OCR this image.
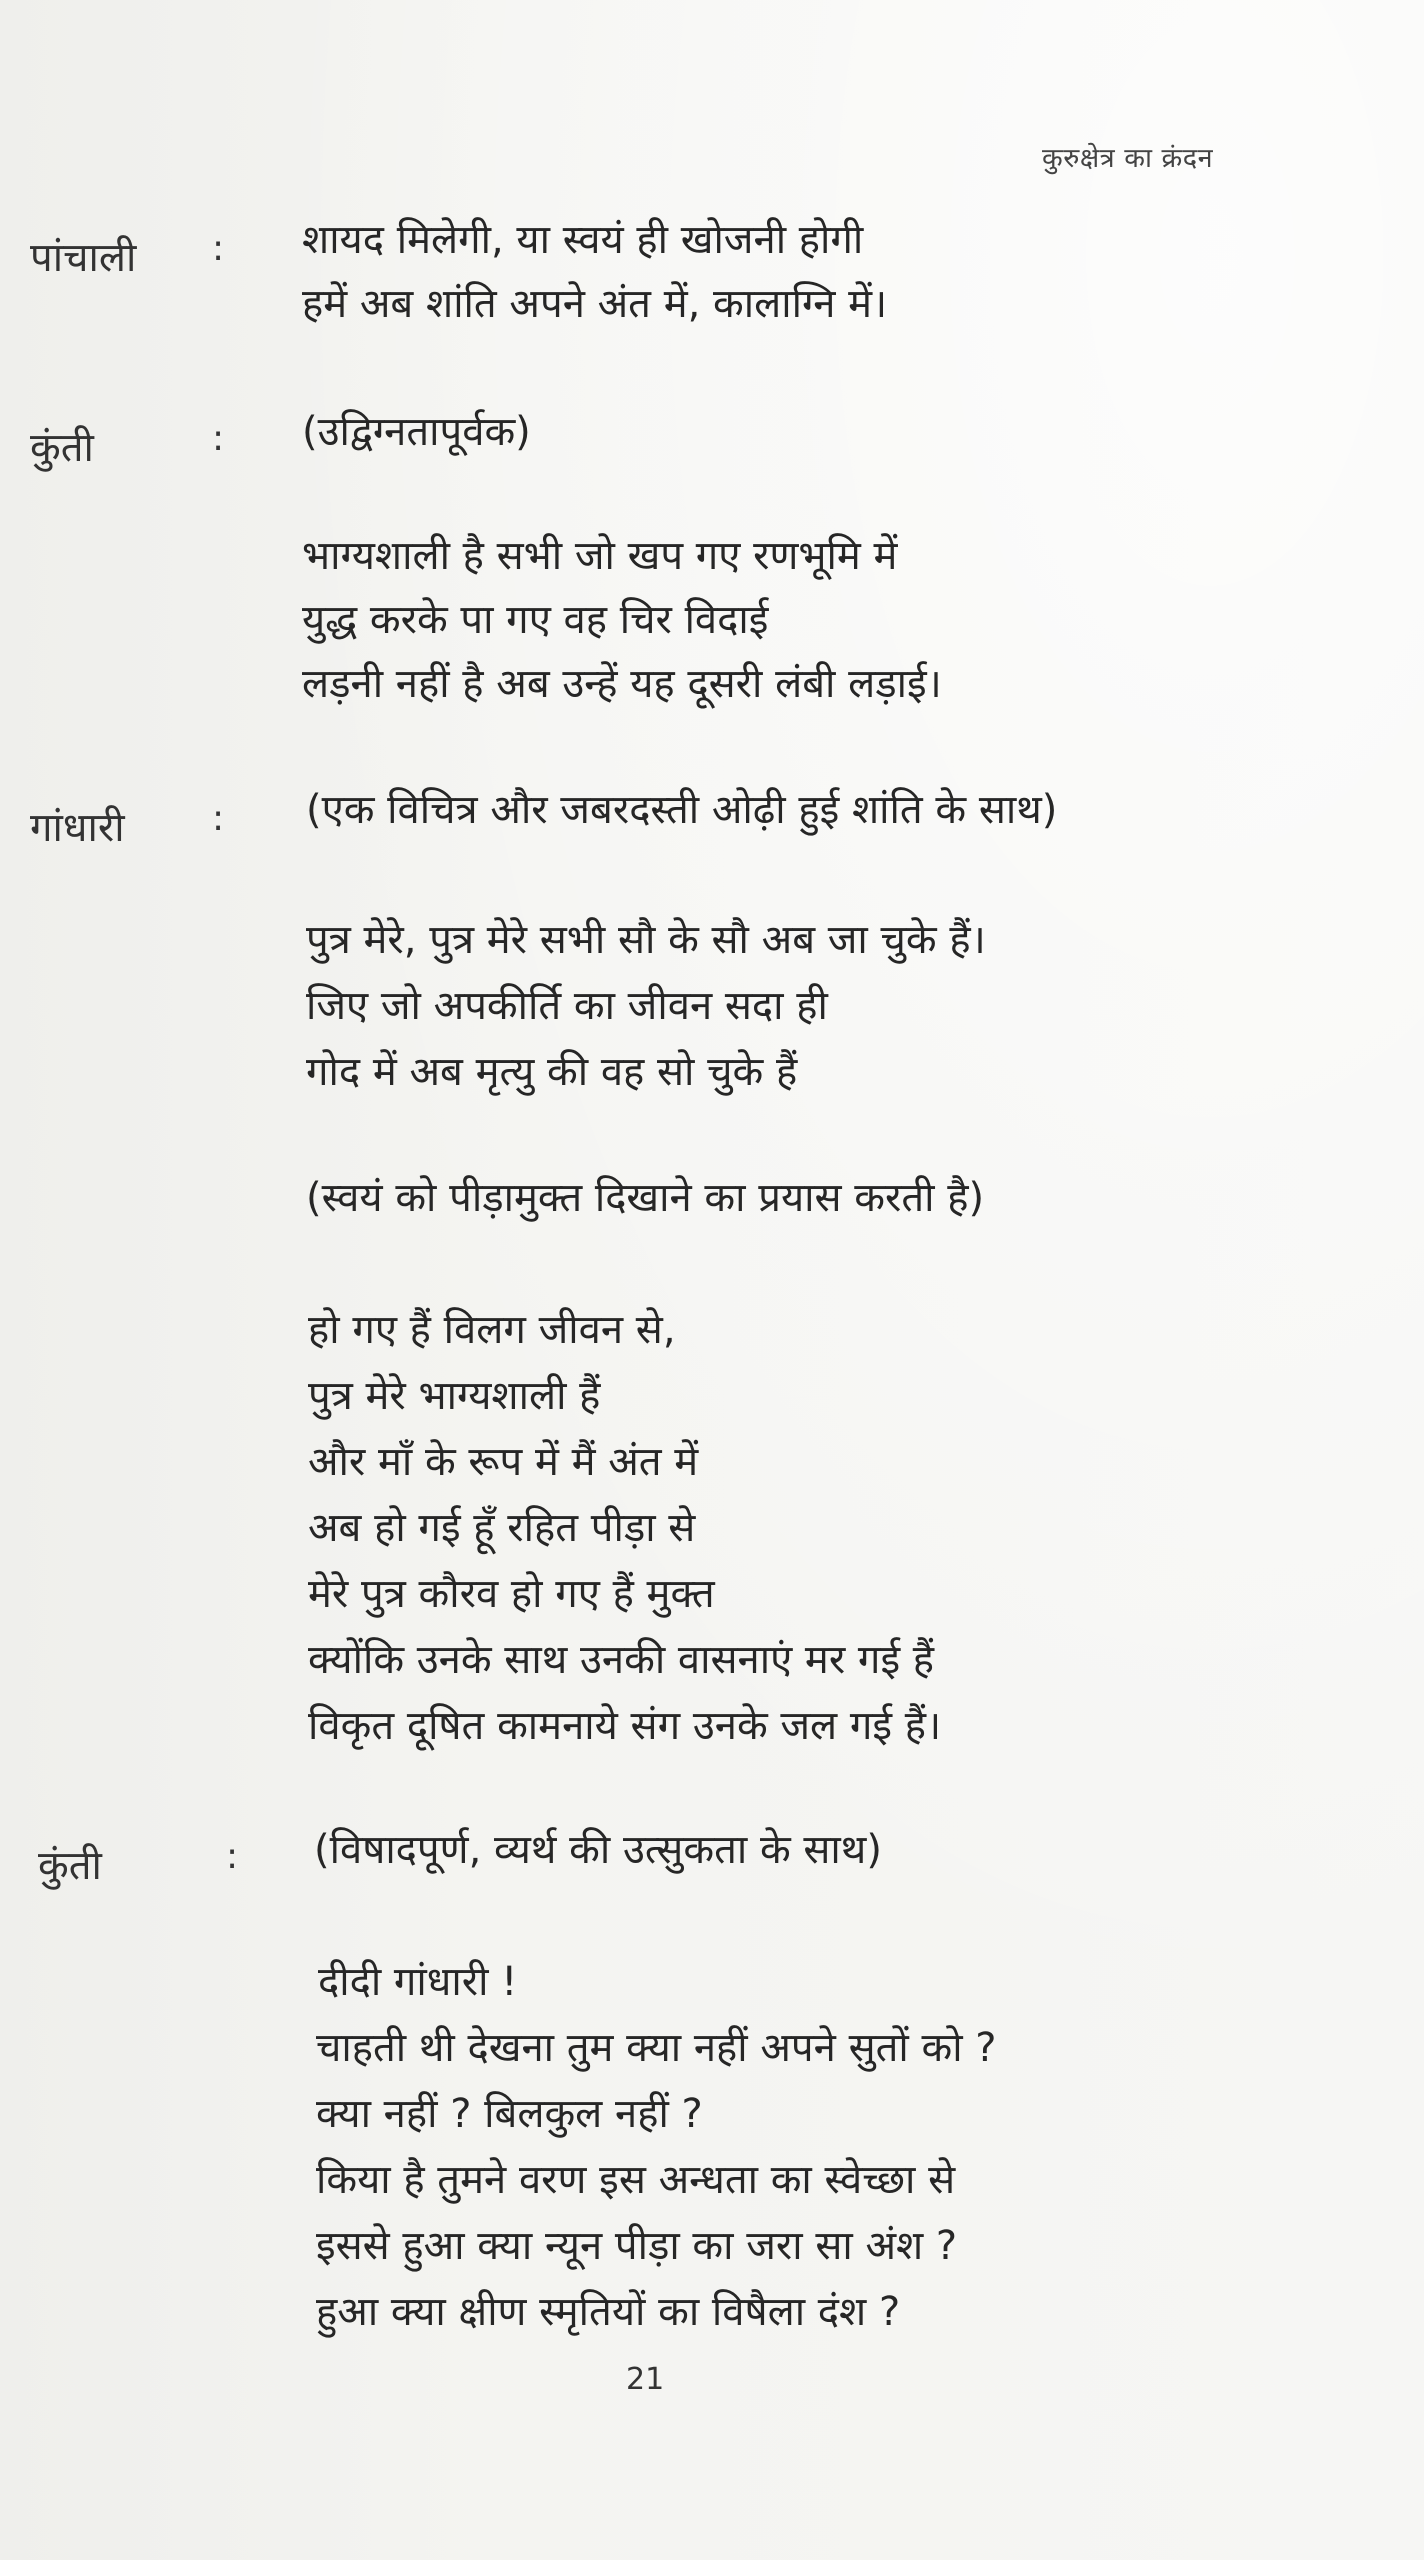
कुरुक्षेत्र का क्रंदन
पांचाली : शायद मिलेगी, या स्वयं ही खोजनी होगी
हमें अब शांति अपने अंत में, कालाग्नि में।
कुंती	: (उद्विग्नतापूर्वक)
भाग्यशाली है सभी जो खप गए रणभूमि में
युद्ध करके पा गए वह चिर विदाई
लड़नी नहीं है अब उन्हें यह दूसरी लंबी लड़ाई।
गांधारी : (एक विचित्र और जबरदस्ती ओढ़ी हुई शांति के साथ)
पुत्र मेरे, पुत्र मेरे सभी सौ के सौ अब जा चुके हैं।
जिए जो अपकीर्ति का जीवन सदा ही
गोद में अब मृत्यु की वह सो चुके हैं
(स्वयं को पीड़ामुक्त दिखाने का प्रयास करती है)
हो गए हैं विलग जीवन से,
पुत्र मेरे भाग्यशाली हैं
और माँ के रूप में मैं अंत में
अब हो गई हूँ रहित पीड़ा से
मेरे पुत्र कौरव हो गए हैं मुक्त
क्योंकि उनके साथ उनकी वासनाएं मर गई हैं
विकृत दूषित कामनाये संग उनके जल गई हैं।
कुंती	: (विषादपूर्ण, व्यर्थ की उत्सुकता के साथ)
दीदी गांधारी !
चाहती थी देखना तुम क्या नहीं अपने सुतों को ?
क्या नहीं ? बिलकुल नहीं ?
किया है तुमने वरण इस अन्धता का स्वेच्छा से
इससे हुआ क्या न्यून पीड़ा का जरा सा अंश ?
हुआ क्या क्षीण स्मृतियों का विषैला दंश ?
21
